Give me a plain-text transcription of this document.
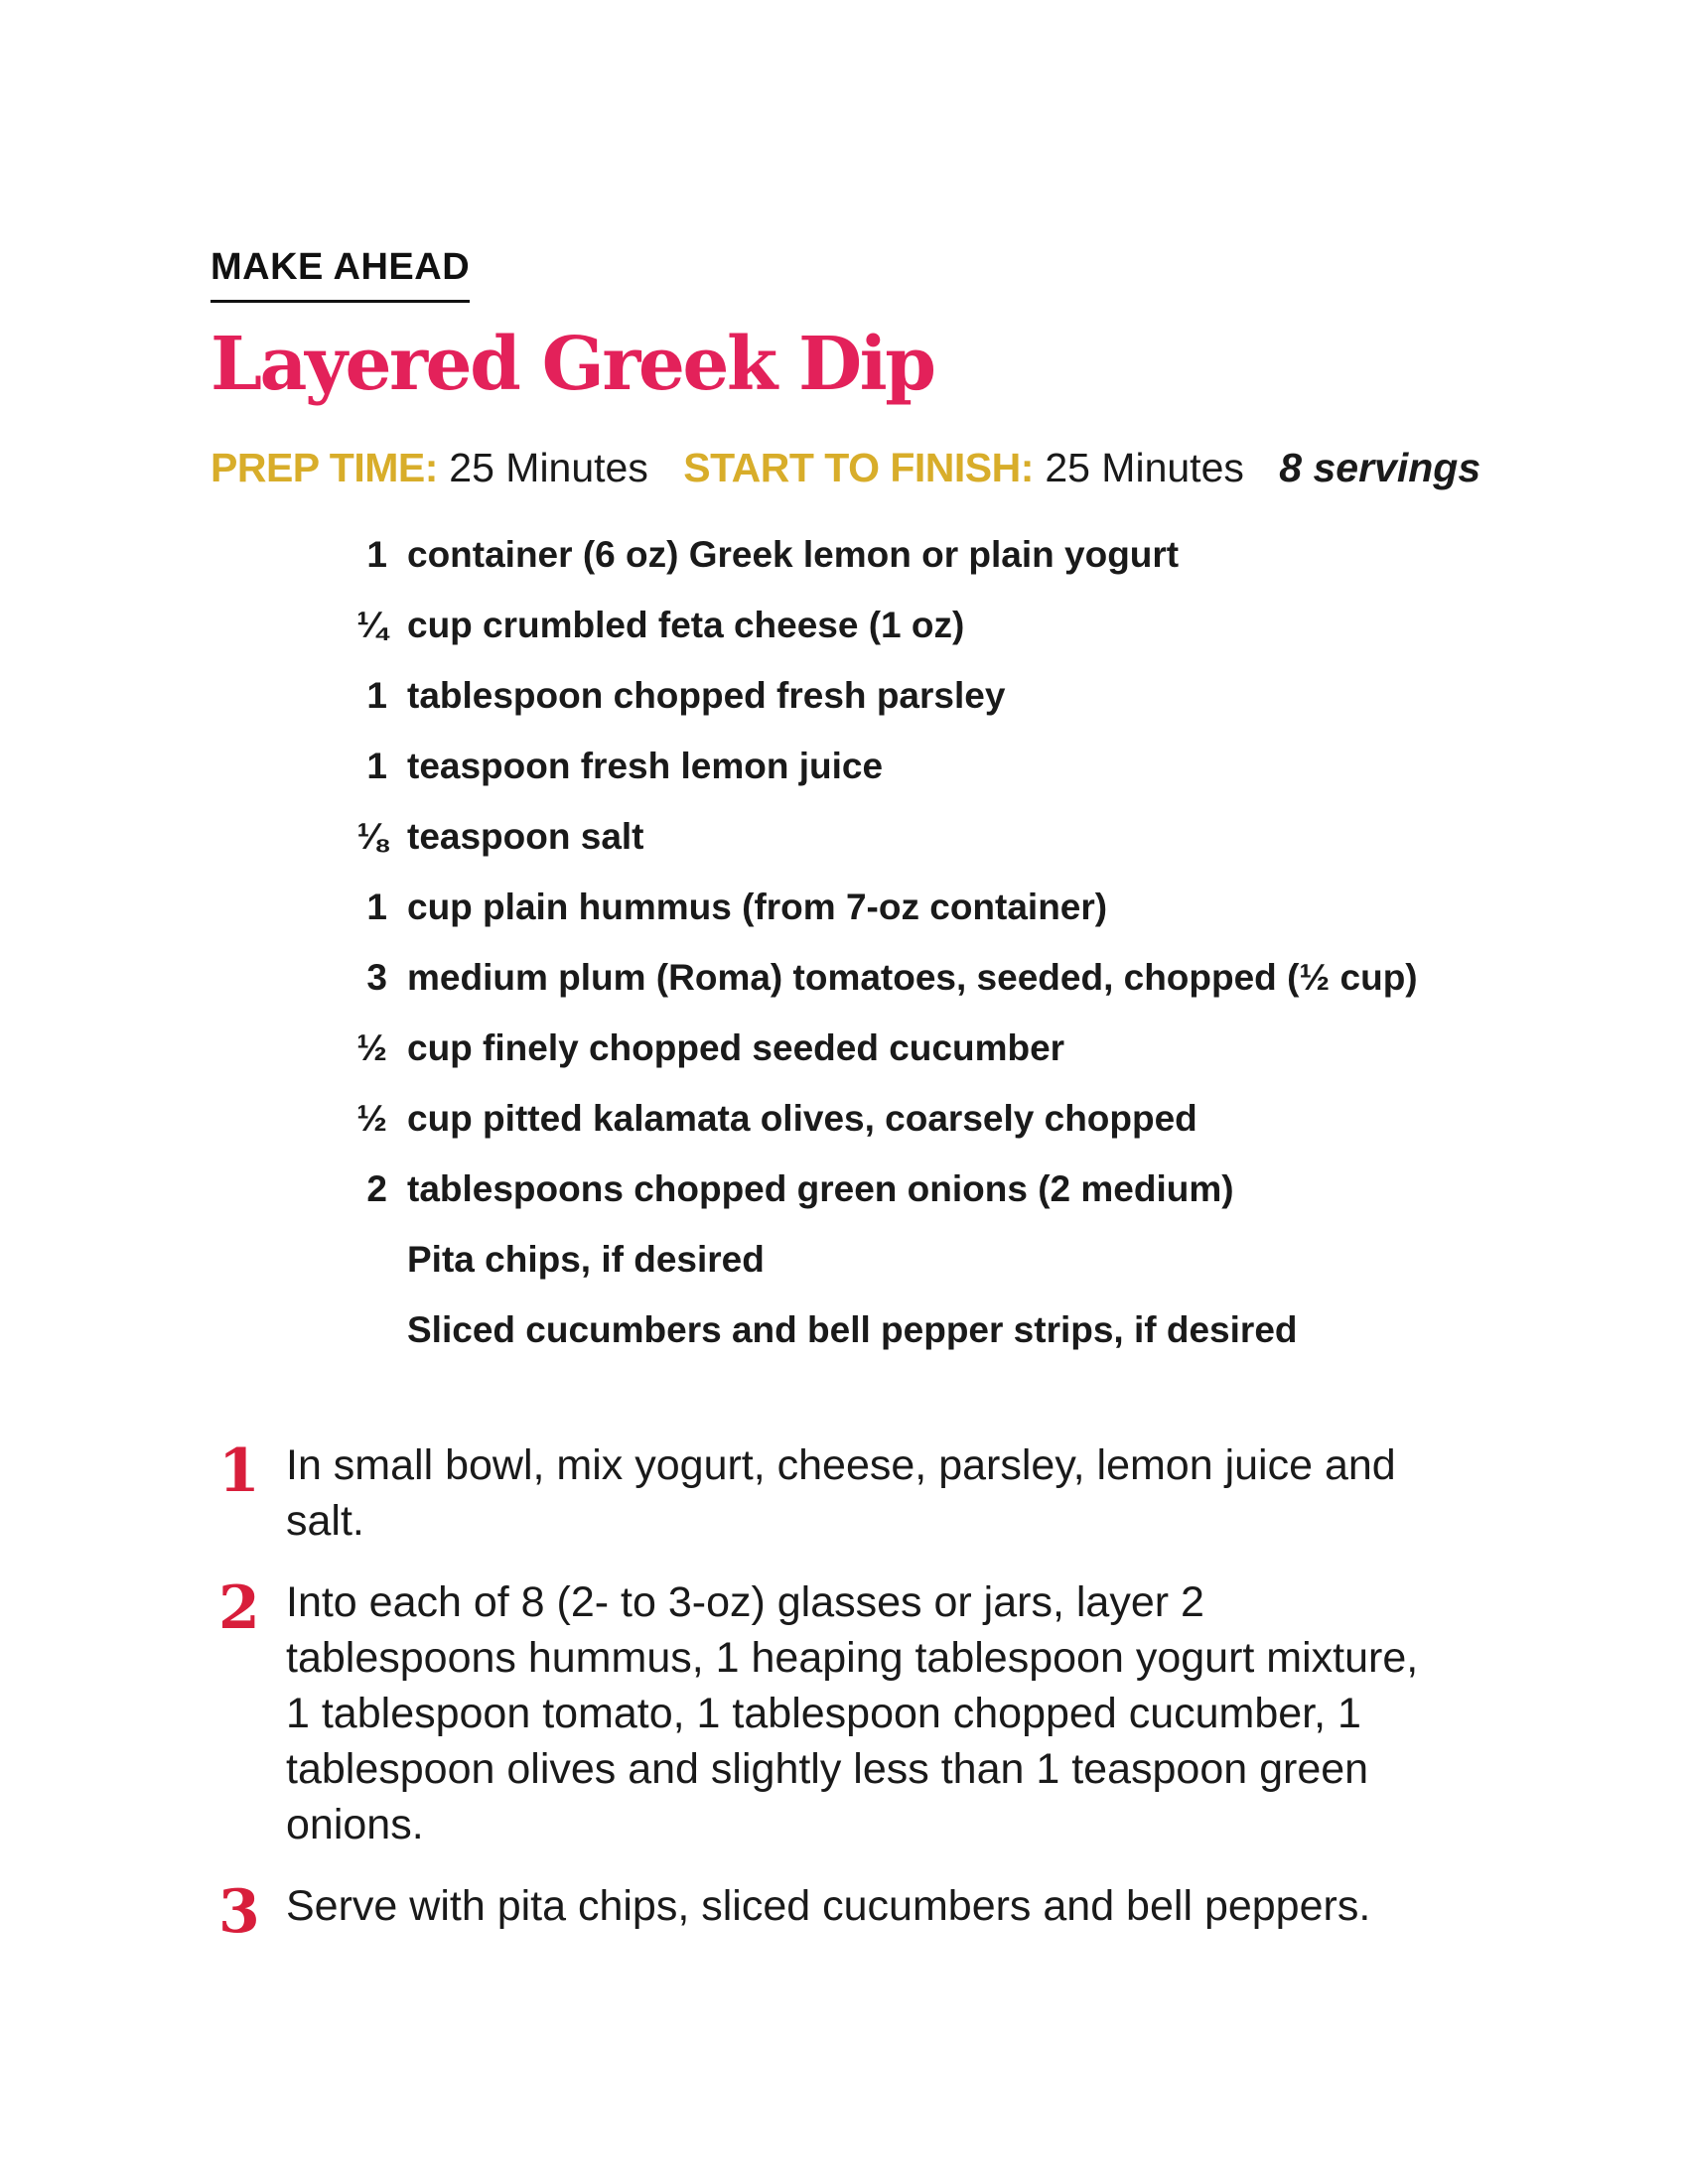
MAKE AHEAD
Layered Greek Dip
PREP TIME: 25 Minutes START TO FINISH: 25 Minutes 8 servings
1 container (6 oz) Greek lemon or plain yogurt
¼ cup crumbled feta cheese (1 oz)
1 tablespoon chopped fresh parsley
1 teaspoon fresh lemon juice
⅛ teaspoon salt
1 cup plain hummus (from 7-oz container)
3 medium plum (Roma) tomatoes, seeded, chopped (½ cup)
½ cup finely chopped seeded cucumber
½ cup pitted kalamata olives, coarsely chopped
2 tablespoons chopped green onions (2 medium)
Pita chips, if desired
Sliced cucumbers and bell pepper strips, if desired
1 In small bowl, mix yogurt, cheese, parsley, lemon juice and salt.
2 Into each of 8 (2- to 3-oz) glasses or jars, layer 2 tablespoons hummus, 1 heaping tablespoon yogurt mixture, 1 tablespoon tomato, 1 tablespoon chopped cucumber, 1 tablespoon olives and slightly less than 1 teaspoon green onions.
3 Serve with pita chips, sliced cucumbers and bell peppers.
